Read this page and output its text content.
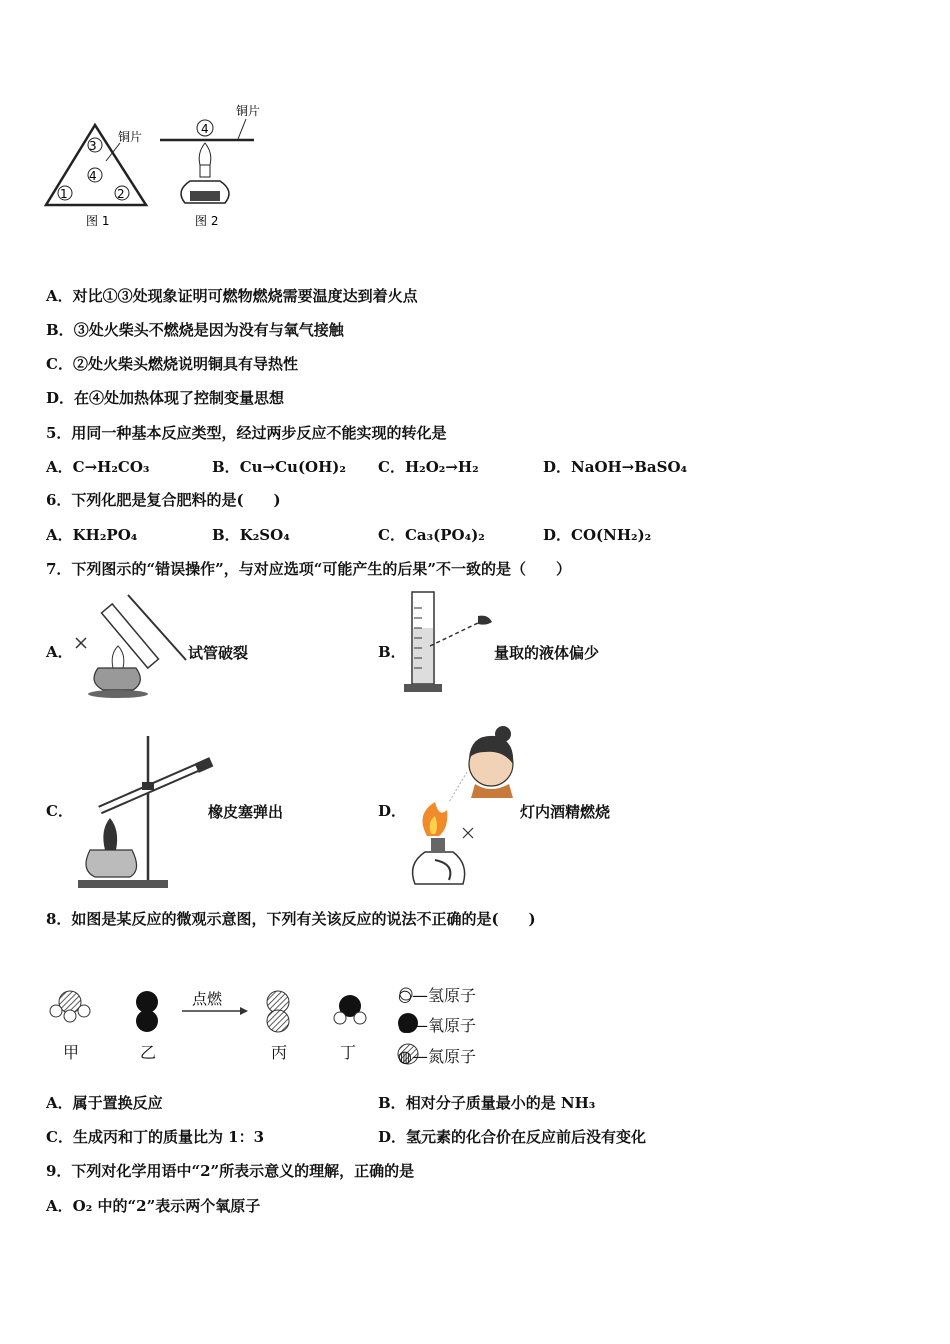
3
4
1	2
铜片
图 1
4
铜片
图 2
A．对比①③处现象证明可燃物燃烧需要温度达到着火点
B．③处火柴头不燃烧是因为没有与氧气接触
C．②处火柴头燃烧说明铜具有导热性
D．在④处加热体现了控制变量思想
5．用同一种基本反应类型，经过两步反应不能实现的转化是
A．C→H₂CO₃	B．Cu→Cu(OH)₂ C．H₂O₂→H₂	D．NaOH→BaSO₄
6．下列化肥是复合肥料的是(　　)
A．KH₂PO₄	B．K₂SO₄	C．Ca₃(PO₄)₂	D．CO(NH₂)₂
7．下列图示的“错误操作”，与对应选项“可能产生的后果”不一致的是（　　）
A．	试管破裂	B．	量取的液体偏少
C．	橡皮塞弹出	D．	灯内酒精燃烧
8．如图是某反应的微观示意图，下列有关该反应的说法不正确的是(　　)
点燃
甲	乙	丙	丁
○—氢原子
●—氧原子
◍—氮原子
A．属于置换反应	B．相对分子质量最小的是 NH₃
C．生成丙和丁的质量比为 1：3	D．氢元素的化合价在反应前后没有变化
9．下列对化学用语中“2”所表示意义的理解，正确的是
A．O₂ 中的“2”表示两个氧原子
